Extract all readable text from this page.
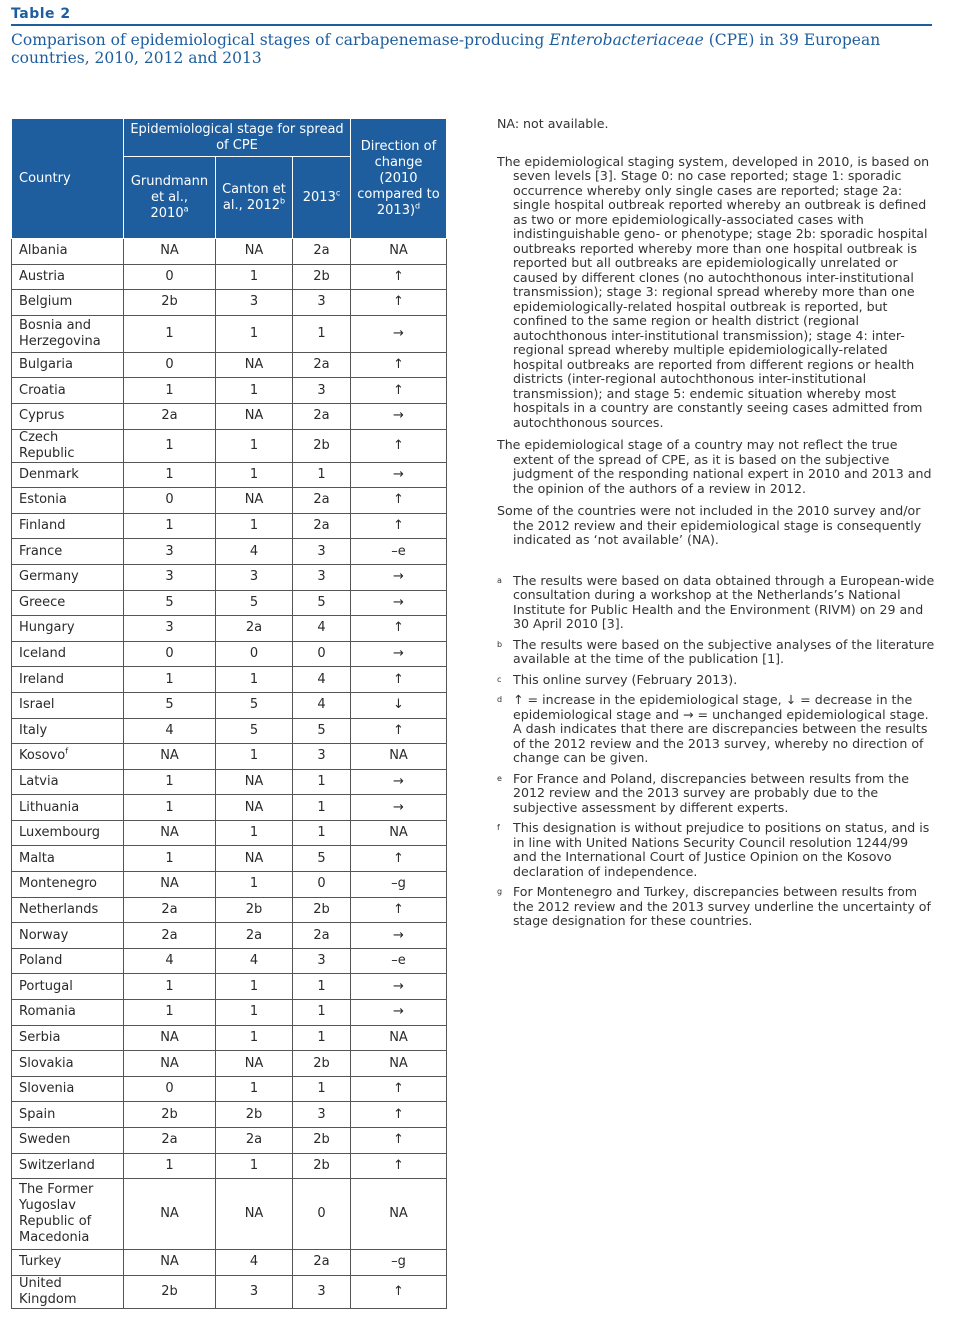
Table 2
Comparison of epidemiological stages of carbapenemase-producing Enterobacteriaceae (CPE) in 39 European countries, 2010, 2012 and 2013
Country	Epidemiological stage for spread of CPE			Direction of change (2010 compared to 2013)$^d$
	Grundmann et al., 2010$^a$	Canton et al., 2012$^b$	2013$^c$
Albania	NA	NA	2a	NA
Austria	0	1	2b	↑
Belgium	2b	3	3	↑
Bosnia and Herzegovina	1	1	1	→
Bulgaria	0	NA	2a	↑
Croatia	1	1	3	↑
Cyprus	2a	NA	2a	→
Czech Republic	1	1	2b	↑
Denmark	1	1	1	→
Estonia	0	NA	2a	↑
Finland	1	1	2a	↑
France	3	4	3	–e
Germany	3	3	3	→
Greece	5	5	5	→
Hungary	3	2a	4	↑
Iceland	0	0	0	→
Ireland	1	1	4	↑
Israel	5	5	4	↓
Italy	4	5	5	↑
Kosovo$^f$	NA	1	3	NA
Latvia	1	NA	1	→
Lithuania	1	NA	1	→
Luxembourg	NA	1	1	NA
Malta	1	NA	5	↑
Montenegro	NA	1	0	–g
Netherlands	2a	2b	2b	↑
Norway	2a	2a	2a	→
Poland	4	4	3	–e
Portugal	1	1	1	→
Romania	1	1	1	→
Serbia	NA	1	1	NA
Slovakia	NA	NA	2b	NA
Slovenia	0	1	1	↑
Spain	2b	2b	3	↑
Sweden	2a	2a	2b	↑
Switzerland	1	1	2b	↑
The Former Yugoslav Republic of Macedonia	NA	NA	0	NA
Turkey	NA	4	2a	–g
United Kingdom	2b	3	3	↑

NA: not available.

The epidemiological staging system, developed in 2010, is based on seven levels [3]. Stage 0: no case reported; stage 1: sporadic occurrence whereby only single cases are reported; stage 2a: single hospital outbreak reported whereby an outbreak is defined as two or more epidemiologically-associated cases with indistinguishable geno- or phenotype; stage 2b: sporadic hospital outbreaks reported whereby more than one hospital outbreak is reported but all outbreaks are epidemiologically unrelated or caused by different clones (no autochthonous inter-institutional transmission); stage 3: regional spread whereby more than one epidemiologically-related hospital outbreak is reported, but confined to the same region or health district (regional autochthonous inter-institutional transmission); stage 4: inter-regional spread whereby multiple epidemiologically-related hospital outbreaks are reported from different regions or health districts (inter-regional autochthonous inter-institutional transmission); and stage 5: endemic situation whereby most hospitals in a country are constantly seeing cases admitted from autochthonous sources.

The epidemiological stage of a country may not reflect the true extent of the spread of CPE, as it is based on the subjective judgment of the responding national expert in 2010 and 2013 and the opinion of the authors of a review in 2012.

Some of the countries were not included in the 2010 survey and/or the 2012 review and their epidemiological stage is consequently indicated as ‘not available’ (NA).

a The results were based on data obtained through a European-wide consultation during a workshop at the Netherlands’s National Institute for Public Health and the Environment (RIVM) on 29 and 30 April 2010 [3].
b The results were based on the subjective analyses of the literature available at the time of the publication [1].
c This online survey (February 2013).
d ↑ = increase in the epidemiological stage, ↓ = decrease in the epidemiological stage and → = unchanged epidemiological stage. A dash indicates that there are discrepancies between the results of the 2012 review and the 2013 survey, whereby no direction of change can be given.
e For France and Poland, discrepancies between results from the 2012 review and the 2013 survey are probably due to the subjective assessment by different experts.
f This designation is without prejudice to positions on status, and is in line with United Nations Security Council resolution 1244/99 and the International Court of Justice Opinion on the Kosovo declaration of independence.
g For Montenegro and Turkey, discrepancies between results from the 2012 review and the 2013 survey underline the uncertainty of stage designation for these countries.
